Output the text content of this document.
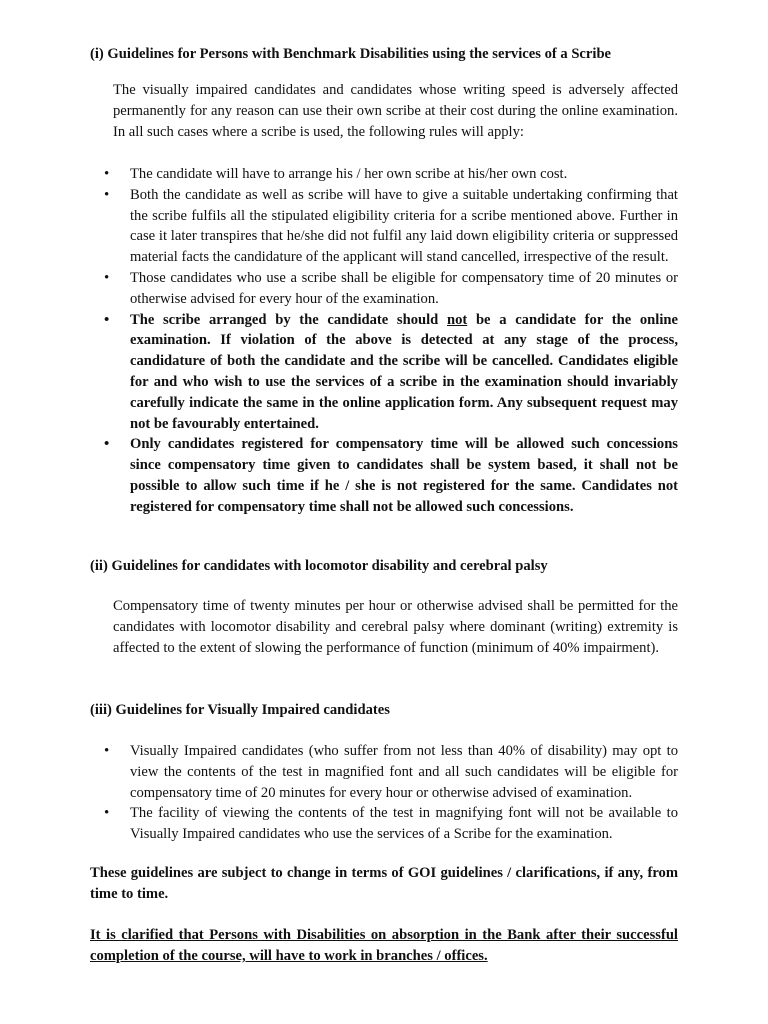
(i) Guidelines for Persons with Benchmark Disabilities using the services of a Scribe

The visually impaired candidates and candidates whose writing speed is adversely affected permanently for any reason can use their own scribe at their cost during the online examination. In all such cases where a scribe is used, the following rules will apply:

• The candidate will have to arrange his / her own scribe at his/her own cost.
• Both the candidate as well as scribe will have to give a suitable undertaking confirming that the scribe fulfils all the stipulated eligibility criteria for a scribe mentioned above. Further in case it later transpires that he/she did not fulfil any laid down eligibility criteria or suppressed material facts the candidature of the applicant will stand cancelled, irrespective of the result.
• Those candidates who use a scribe shall be eligible for compensatory time of 20 minutes or otherwise advised for every hour of the examination.
• The scribe arranged by the candidate should not be a candidate for the online examination. If violation of the above is detected at any stage of the process, candidature of both the candidate and the scribe will be cancelled. Candidates eligible for and who wish to use the services of a scribe in the examination should invariably carefully indicate the same in the online application form. Any subsequent request may not be favourably entertained.
• Only candidates registered for compensatory time will be allowed such concessions since compensatory time given to candidates shall be system based, it shall not be possible to allow such time if he / she is not registered for the same. Candidates not registered for compensatory time shall not be allowed such concessions.

(ii) Guidelines for candidates with locomotor disability and cerebral palsy

Compensatory time of twenty minutes per hour or otherwise advised shall be permitted for the candidates with locomotor disability and cerebral palsy where dominant (writing) extremity is affected to the extent of slowing the performance of function (minimum of 40% impairment).

(iii) Guidelines for Visually Impaired candidates

• Visually Impaired candidates (who suffer from not less than 40% of disability) may opt to view the contents of the test in magnified font and all such candidates will be eligible for compensatory time of 20 minutes for every hour or otherwise advised of examination.
• The facility of viewing the contents of the test in magnifying font will not be available to Visually Impaired candidates who use the services of a Scribe for the examination.

These guidelines are subject to change in terms of GOI guidelines / clarifications, if any, from time to time.

It is clarified that Persons with Disabilities on absorption in the Bank after their successful completion of the course, will have to work in branches / offices.
